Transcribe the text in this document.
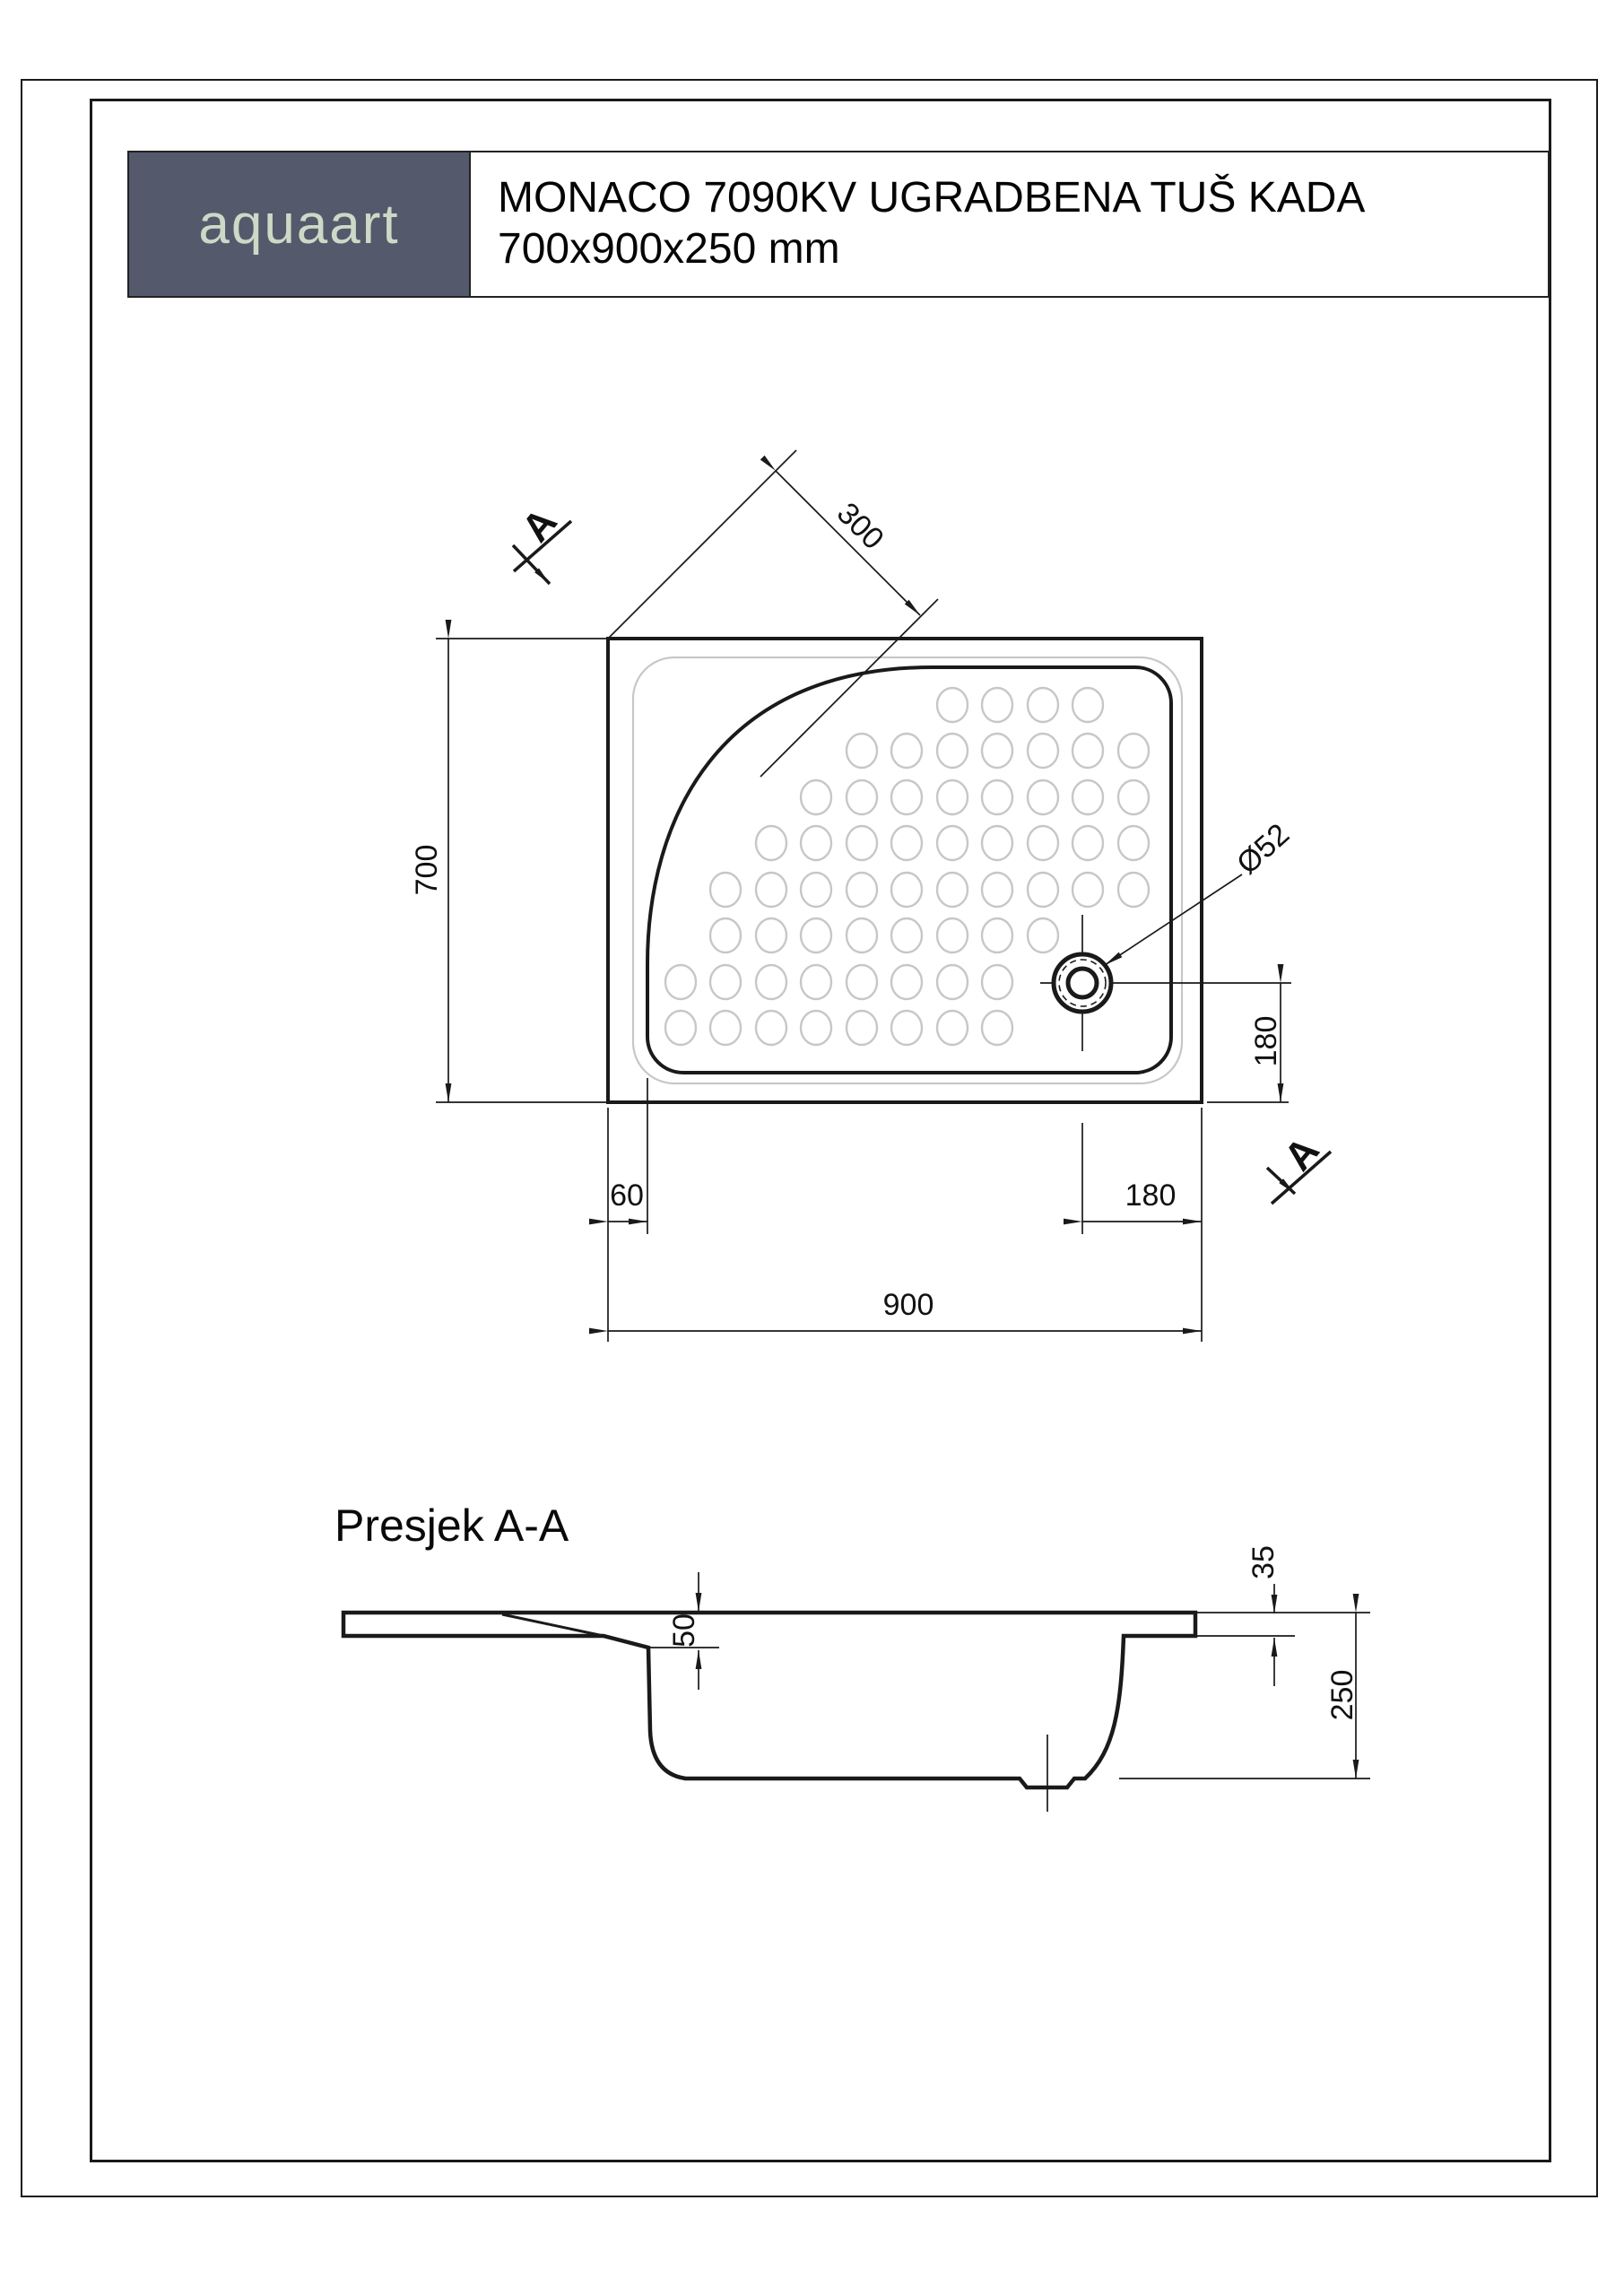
aquaart MONACO 7090KV UGRADBENA TUŠ KADA
700x900x250 mm
Presjek A-A
700
300
Ø52
180
60	180
900
A
A
50
35
250
